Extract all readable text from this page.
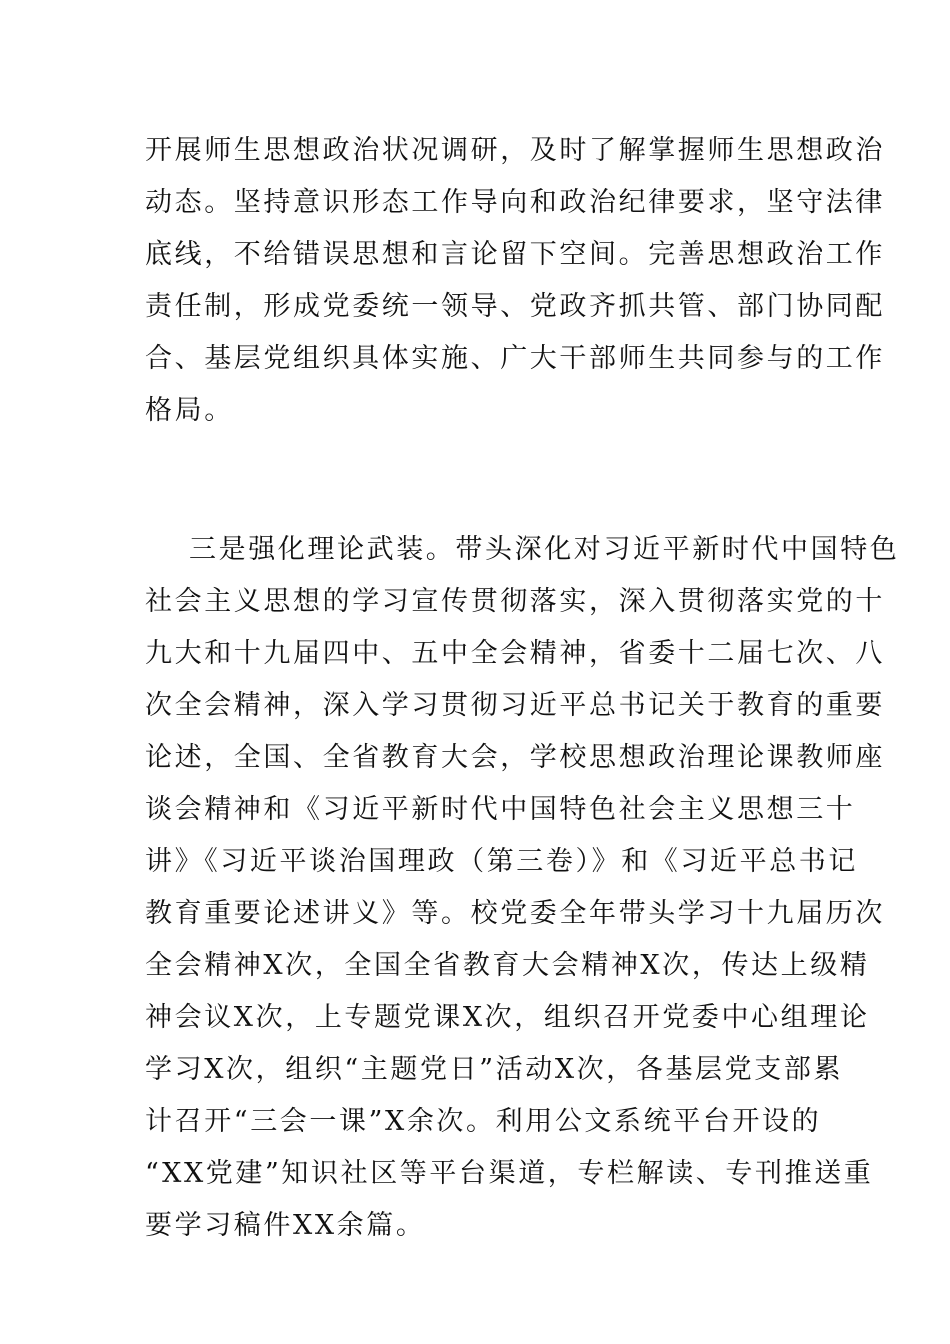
开展师生思想政治状况调研，及时了解掌握师生思想政治
动态。坚持意识形态工作导向和政治纪律要求，坚守法律
底线，不给错误思想和言论留下空间。完善思想政治工作
责任制，形成党委统一领导、党政齐抓共管、部门协同配
合、基层党组织具体实施、广大干部师生共同参与的工作
格局。
三是强化理论武装。带头深化对习近平新时代中国特色
社会主义思想的学习宣传贯彻落实，深入贯彻落实党的十
九大和十九届四中、五中全会精神，省委十二届七次、八
次全会精神，深入学习贯彻习近平总书记关于教育的重要
论述，全国、全省教育大会，学校思想政治理论课教师座
谈会精神和《习近平新时代中国特色社会主义思想三十
讲》《习近平谈治国理政（第三卷）》和《习近平总书记
教育重要论述讲义》等。校党委全年带头学习十九届历次
全会精神X次，全国全省教育大会精神X次，传达上级精
神会议X次，上专题党课X次，组织召开党委中心组理论
学习X次，组织“主题党日”活动X次，各基层党支部累
计召开“三会一课”X余次。利用公文系统平台开设的
“XX党建”知识社区等平台渠道，专栏解读、专刊推送重
要学习稿件XX余篇。
